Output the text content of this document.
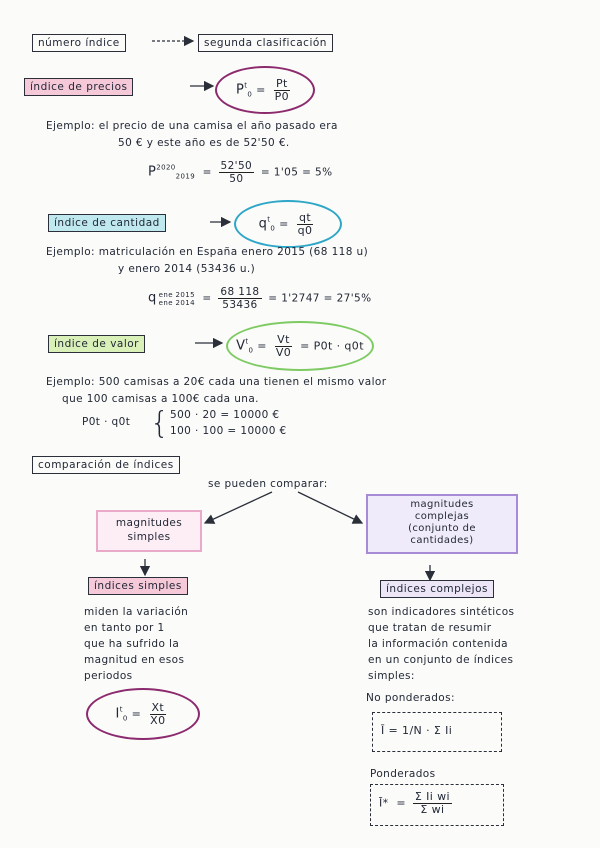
número índice	segunda clasificación
índice de precios	$P^t_0 = \frac{Pt}{P0}$
Ejemplo: el precio de una camisa el año pasado era
50 € y este año es de 52'50 €.
$P^{2020}_{2019} = \frac{52'50}{50} = 1'05 = 5\%$
índice de cantidad	$q^t_0 = \frac{qt}{q0}$
Ejemplo: matriculación en España enero 2015 (68 118 u)
y enero 2014 (53436 u.)
q ene 2015
ene $2014 = \frac{68 118}{53436} = 1'2747 = 27'5\%$
índice de valor	$V^t_0 = \frac{Vt}{V0} = P0t \cdot q0t$
Ejemplo: 500 camisas a 20€ cada una tienen el mismo valor
que 100 camisas a 100€ cada una.
P0t · q0t { 500 · 20 = 10000 €
100 · 100 = 10000 €
comparación de índices
se pueden comparar:
magnitudes
simples
magnitudes
complejas
(conjunto de
cantidades)
índices simples	índices complejos
miden la variación
en tanto por 1
que ha sufrido la
magnitud en esos
periodos
son indicadores sintéticos
que tratan de resumir
la información contenida
en un conjunto de índices
simples:
$I^t_0 = \frac{Xt}{X0}$
No ponderados:
Ī = 1/N · Σ Ii
Ponderados
Ī*  = $\frac{\text{Σ Ii wi}}{\text{Σ wi}}$
